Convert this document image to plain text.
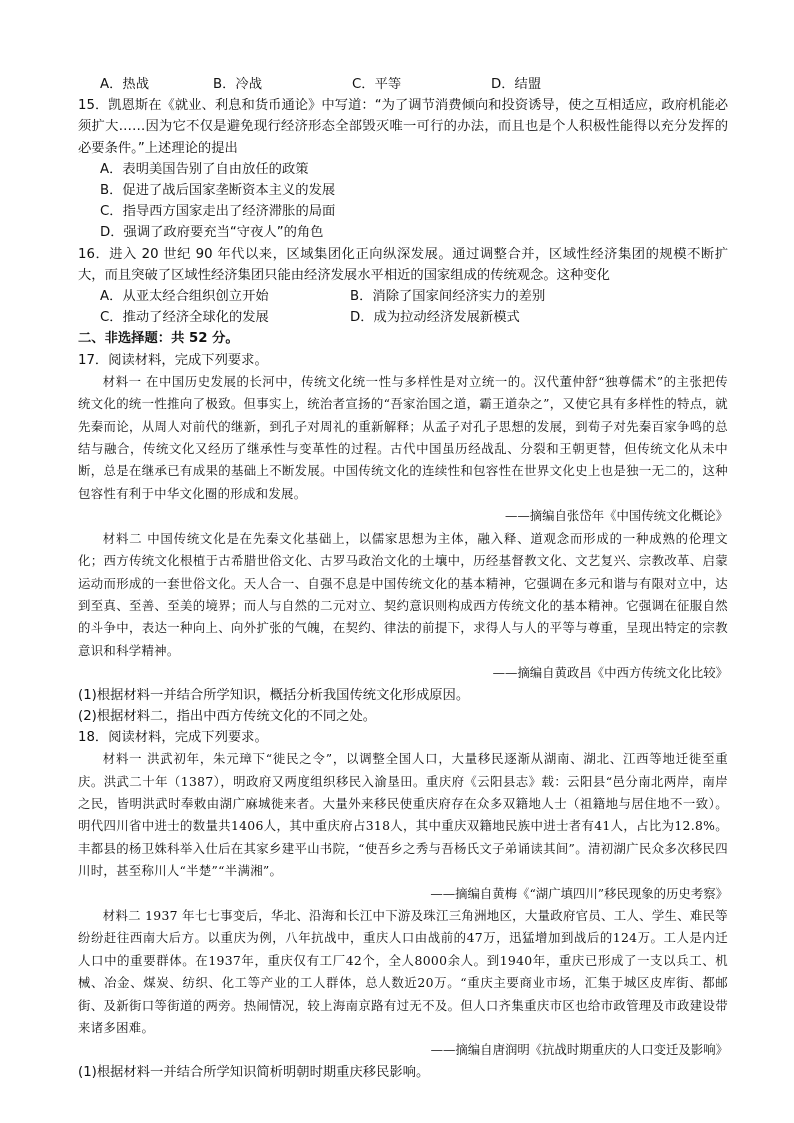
A．热战	B．冷战	C．平等	D．结盟
15．凯恩斯在《就业、利息和货币通论》中写道：“为了调节消费倾向和投资诱导，使之互相适应，政府机能必须扩大……因为它不仅是避免现行经济形态全部毁灭唯一可行的办法，而且也是个人积极性能得以充分发挥的必要条件。”上述理论的提出
A．表明美国告别了自由放任的政策
B．促进了战后国家垄断资本主义的发展
C．指导西方国家走出了经济滞胀的局面
D．强调了政府要充当“守夜人”的角色
16．进入 20 世纪 90 年代以来，区域集团化正向纵深发展。通过调整合并，区域性经济集团的规模不断扩大，而且突破了区域性经济集团只能由经济发展水平相近的国家组成的传统观念。这种变化
A．从亚太经合组织创立开始	B．消除了国家间经济实力的差别
C．推动了经济全球化的发展	D．成为拉动经济发展新模式
二、非选择题：共 52 分。
17．阅读材料，完成下列要求。
材料一 在中国历史发展的长河中，传统文化统一性与多样性是对立统一的。汉代董仲舒“独尊儒术”的主张把传统文化的统一性推向了极致。但事实上，统治者宣扬的“吾家治国之道，霸王道杂之”，又使它具有多样性的特点，就先秦而论，从周人对前代的继新，到孔子对周礼的重新解释；从孟子对孔子思想的发展，到荀子对先秦百家争鸣的总结与融合，传统文化又经历了继承性与变革性的过程。古代中国虽历经战乱、分裂和王朝更替，但传统文化从未中断，总是在继承已有成果的基础上不断发展。中国传统文化的连续性和包容性在世界文化史上也是独一无二的，这种包容性有利于中华文化圈的形成和发展。
——摘编自张岱年《中国传统文化概论》
材料二 中国传统文化是在先秦文化基础上，以儒家思想为主体，融入释、道观念而形成的一种成熟的伦理文化；西方传统文化根植于古希腊世俗文化、古罗马政治文化的土壤中，历经基督教文化、文艺复兴、宗教改革、启蒙运动而形成的一套世俗文化。天人合一、自强不息是中国传统文化的基本精神，它强调在多元和谐与有限对立中，达到至真、至善、至美的境界；而人与自然的二元对立、契约意识则构成西方传统文化的基本精神。它强调在征服自然的斗争中，表达一种向上、向外扩张的气魄，在契约、律法的前提下，求得人与人的平等与尊重，呈现出特定的宗教意识和科学精神。
——摘编自黄政昌《中西方传统文化比较》
(1)根据材料一并结合所学知识，概括分析我国传统文化形成原因。
(2)根据材料二，指出中西方传统文化的不同之处。
18．阅读材料，完成下列要求。
材料一 洪武初年，朱元璋下“徙民之令”，以调整全国人口，大量移民逐渐从湖南、湖北、江西等地迁徙至重庆。洪武二十年（1387），明政府又两度组织移民入渝垦田。重庆府《云阳县志》载：云阳县“邑分南北两岸，南岸之民，皆明洪武时奉敕由湖广麻城徙来者。大量外来移民使重庆府存在众多双籍地人士（祖籍地与居住地不一致）。明代四川省中进士的数量共1406人，其中重庆府占318人，其中重庆双籍地民族中进士者有41人，占比为12.8%。丰都县的杨卫姝科举入仕后在其家乡建平山书院，“使吾乡之秀与吾杨氏文子弟诵读其间”。清初湖广民众多次移民四川时，甚至称川人“半楚”“半满湘”。
——摘编自黄梅《“湖广填四川”移民现象的历史考察》
材料二 1937 年七七事变后，华北、沿海和长江中下游及珠江三角洲地区，大量政府官员、工人、学生、难民等纷纷赶往西南大后方。以重庆为例，八年抗战中，重庆人口由战前的47万，迅猛增加到战后的124万。工人是内迁人口中的重要群体。在1937年，重庆仅有工厂42个，全人8000余人。到1940年，重庆已形成了一支以兵工、机械、冶金、煤炭、纺织、化工等产业的工人群体，总人数近20万。“重庆主要商业市场，汇集于城区皮库街、都邮街、及新街口等街道的两旁。热闹情况，较上海南京路有过无不及。但人口齐集重庆市区也给市政管理及市政建设带来诸多困难。
——摘编自唐润明《抗战时期重庆的人口变迁及影响》
(1)根据材料一并结合所学知识简析明朝时期重庆移民影响。
